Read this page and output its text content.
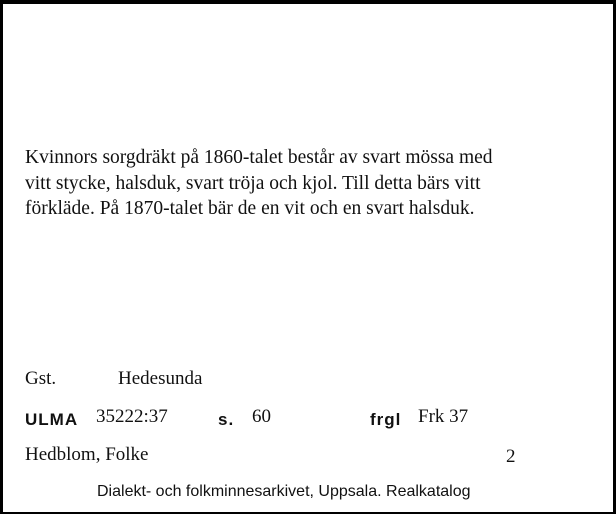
Kvinnors sorgdräkt på 1860-talet består av svart mössa med
vitt stycke, halsduk, svart tröja och kjol. Till detta bärs vitt
förkläde. På 1870-talet bär de en vit och en svart halsduk.
Gst.	Hedesunda
ULMA 35222:37	s. 60	frgl Frk 37
Hedblom, Folke	2
Dialekt- och folkminnesarkivet, Uppsala. Realkatalog
